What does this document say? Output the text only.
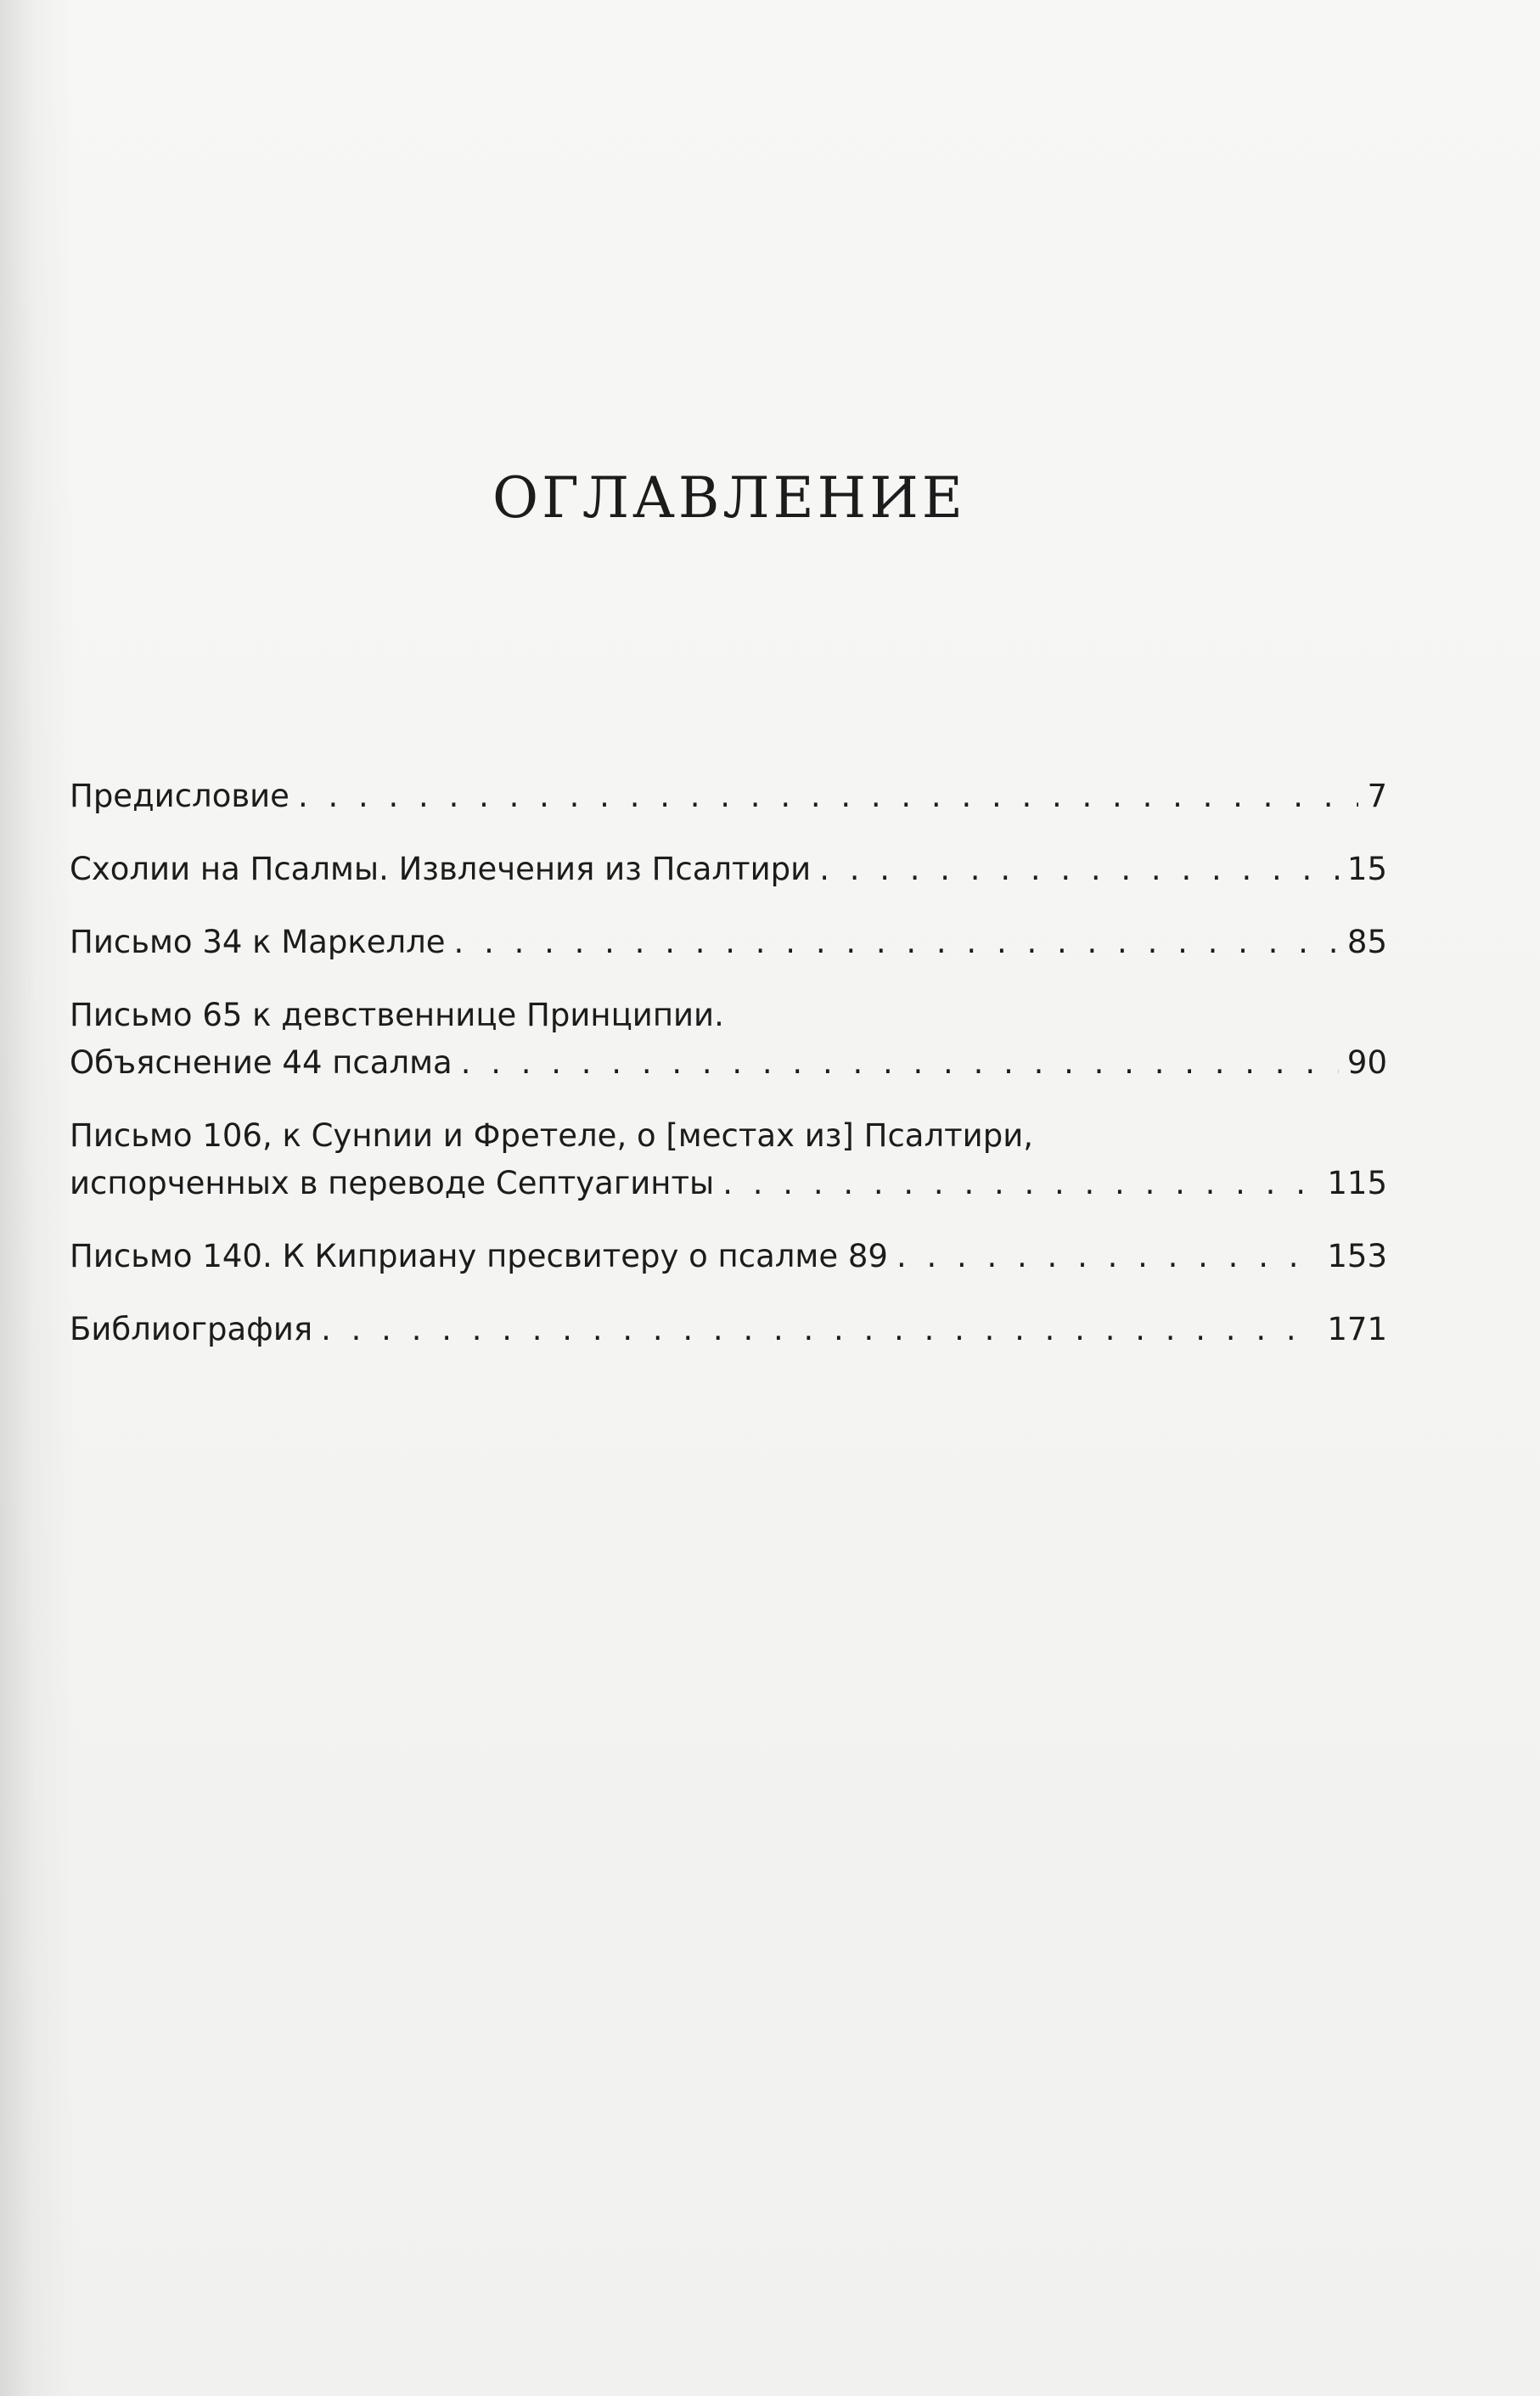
ОГЛАВЛЕНИЕ
Предисловие . . .	7
Схолии на Псалмы. Извлечения из Псалтири . . .	15
Письмо 34 к Маркелле . . .	85
Письмо 65 к девственнице Принципии.
Объяснение 44 псалма . . .	90
Письмо 106, к Сунnии и Фретеле, о [местах из] Псалтири,
испорченных в переводе Септуагинты . . .	115
Письмо 140. К Киприану пресвитеру о псалме 89 . . .	153
Библиография . . .	171
